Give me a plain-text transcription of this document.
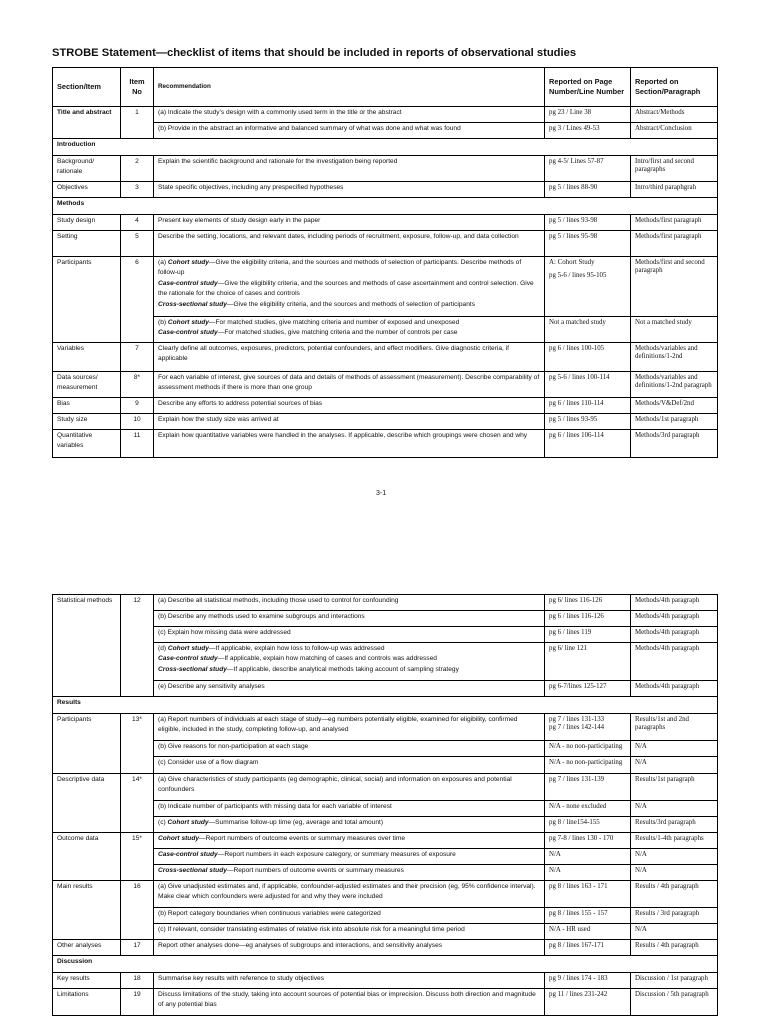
STROBE Statement—checklist of items that should be included in reports of observational studies
Section/Item	Item No	Recommendation	Reported on Page Number/Line Number	Reported on Section/Paragraph
Title and abstract	1	(a) Indicate the study’s design with a commonly used term in the title or the abstract	pg 23 / Line 38	Abstract/Methods

		(b) Provide in the abstract an informative and balanced summary of what was done and what was found	pg 3 / Lines 49-53	Abstract/Conclusion
Introduction				
Background/ rationale	2	Explain the scientific background and rationale for the investigation being reported	pg 4-5/ Lines 57-87	Intro/first and second paragraphs
Objectives	3	State specific objectives, including any prespecified hypotheses	pg 5 / lines 88-90	Intro/third paraphgrah
Methods				
Study design	4	Present key elements of study design early in the paper	pg 5 / lines 93-98	Methods/first paragraph
Setting	5	Describe the setting, locations, and relevant dates, including periods of recruitment, exposure, follow-up, and data collection	pg 5 / lines 95-98	Methods/first paragraph
Participants	6	(a) Cohort study—Give the eligibility criteria, and the sources and methods of selection of participants. Describe methods of follow-up
Case-control study—Give the eligibility criteria, and the sources and methods of case ascertainment and control selection. Give the rationale for the choice of cases and controls
Cross-sectional study—Give the eligibility criteria, and the sources and methods of selection of participants	A: Cohort Study
pg 5-6 / lines 95-105	Methods/first and second paragraph

		(b) Cohort study—For matched studies, give matching criteria and number of exposed and unexposed
Case-control study—For matched studies, give matching criteria and the number of controls per case	Not a matched study	Not a matched study
Variables	7	Clearly define all outcomes, exposures, predictors, potential confounders, and effect modifiers. Give diagnostic criteria, if applicable	pg 6 / lines 100-105	Methods/variables and definitions/1-2nd
Data sources/ measurement	8*	For each variable of interest, give sources of data and details of methods of assessment (measurement). Describe comparability of assessment methods if there is more than one group	pg 5-6 / lines 100-114	Methods/variables and definitions/1-2nd paragraph
Bias	9	Describe any efforts to address potential sources of bias	pg 6 / lines 110-114	Methods/V&Def/2nd
Study size	10	Explain how the study size was arrived at	pg 5 / lines 93-95	Methods/1st paragraph
Quantitative variables	11	Explain how quantitative variables were handled in the analyses. If applicable, describe which groupings were chosen and why	pg 6 / lines 106-114	Methods/3rd paragraph
3-1
Statistical methods	12	(a) Describe all statistical methods, including those used to control for confounding	pg 6/ lines 116-126	Methods/4th paragraph

		(b) Describe any methods used to examine subgroups and interactions	pg 6 / lines 116-126	Methods/4th paragraph

		(c) Explain how missing data were addressed	pg 6 / lines 119	Methods/4th paragraph

		(d) Cohort study—If applicable, explain how loss to follow-up was addressed
Case-control study—If applicable, explain how matching of cases and controls was addressed
Cross-sectional study—If applicable, describe analytical methods taking account of sampling strategy	pg 6/ line 121	Methods/4th paragraph

		(e) Describe any sensitivity analyses	pg 6-7/lines 125-127	Methods/4th paragraph
Results				
Participants	13*	(a) Report numbers of individuals at each stage of study—eg numbers potentially eligible, examined for eligibility, confirmed eligible, included in the study, completing follow-up, and analysed	pg 7 / lines 131-133
pg 7 / lines 142-144	Results/1st and 2nd paragraphs

		(b) Give reasons for non-participation at each stage	N/A - no non-participating	N/A

		(c) Consider use of a flow diagram	N/A - no non-participating	N/A
Descriptive data	14*	(a) Give characteristics of study participants (eg demographic, clinical, social) and information on exposures and potential confounders	pg 7 / lines 131-139	Results/1st paragraph

		(b) Indicate number of participants with missing data for each variable of interest	N/A - none excluded	N/A

		(c) Cohort study—Summarise follow-up time (eg, average and total amount)	pg 8 / line154-155	Results/3rd paragraph
Outcome data	15*	Cohort study—Report numbers of outcome events or summary measures over time	pg 7-8 / lines 130 - 170	Results/1-4th paragraphs

		Case-control study—Report numbers in each exposure category, or summary measures of exposure	N/A	N/A

		Cross-sectional study—Report numbers of outcome events or summary measures	N/A	N/A
Main results	16	(a) Give unadjusted estimates and, if applicable, confounder-adjusted estimates and their precision (eg, 95% confidence interval). Make clear which confounders were adjusted for and why they were included	pg 8 / lines 163 - 171	Results / 4th paragraph

		(b) Report category boundaries when continuous variables were categorized	pg 8 / lines 155 - 157	Results / 3rd paragraph

		(c) If relevant, consider translating estimates of relative risk into absolute risk for a meaningful time period	N/A - HR used	N/A
Other analyses	17	Report other analyses done—eg analyses of subgroups and interactions, and sensitivity analyses	pg 8 / lines 167-171	Results / 4th paragraph
Discussion				
Key results	18	Summarise key results with reference to study objectives	pg 9 / lines 174 - 183	Discussion / 1st paragraph
Limitations	19	Discuss limitations of the study, taking into account sources of potential bias or imprecision. Discuss both direction and magnitude of any potential bias	pg 11 / lines 231-242	Discussion / 5th paragraph
